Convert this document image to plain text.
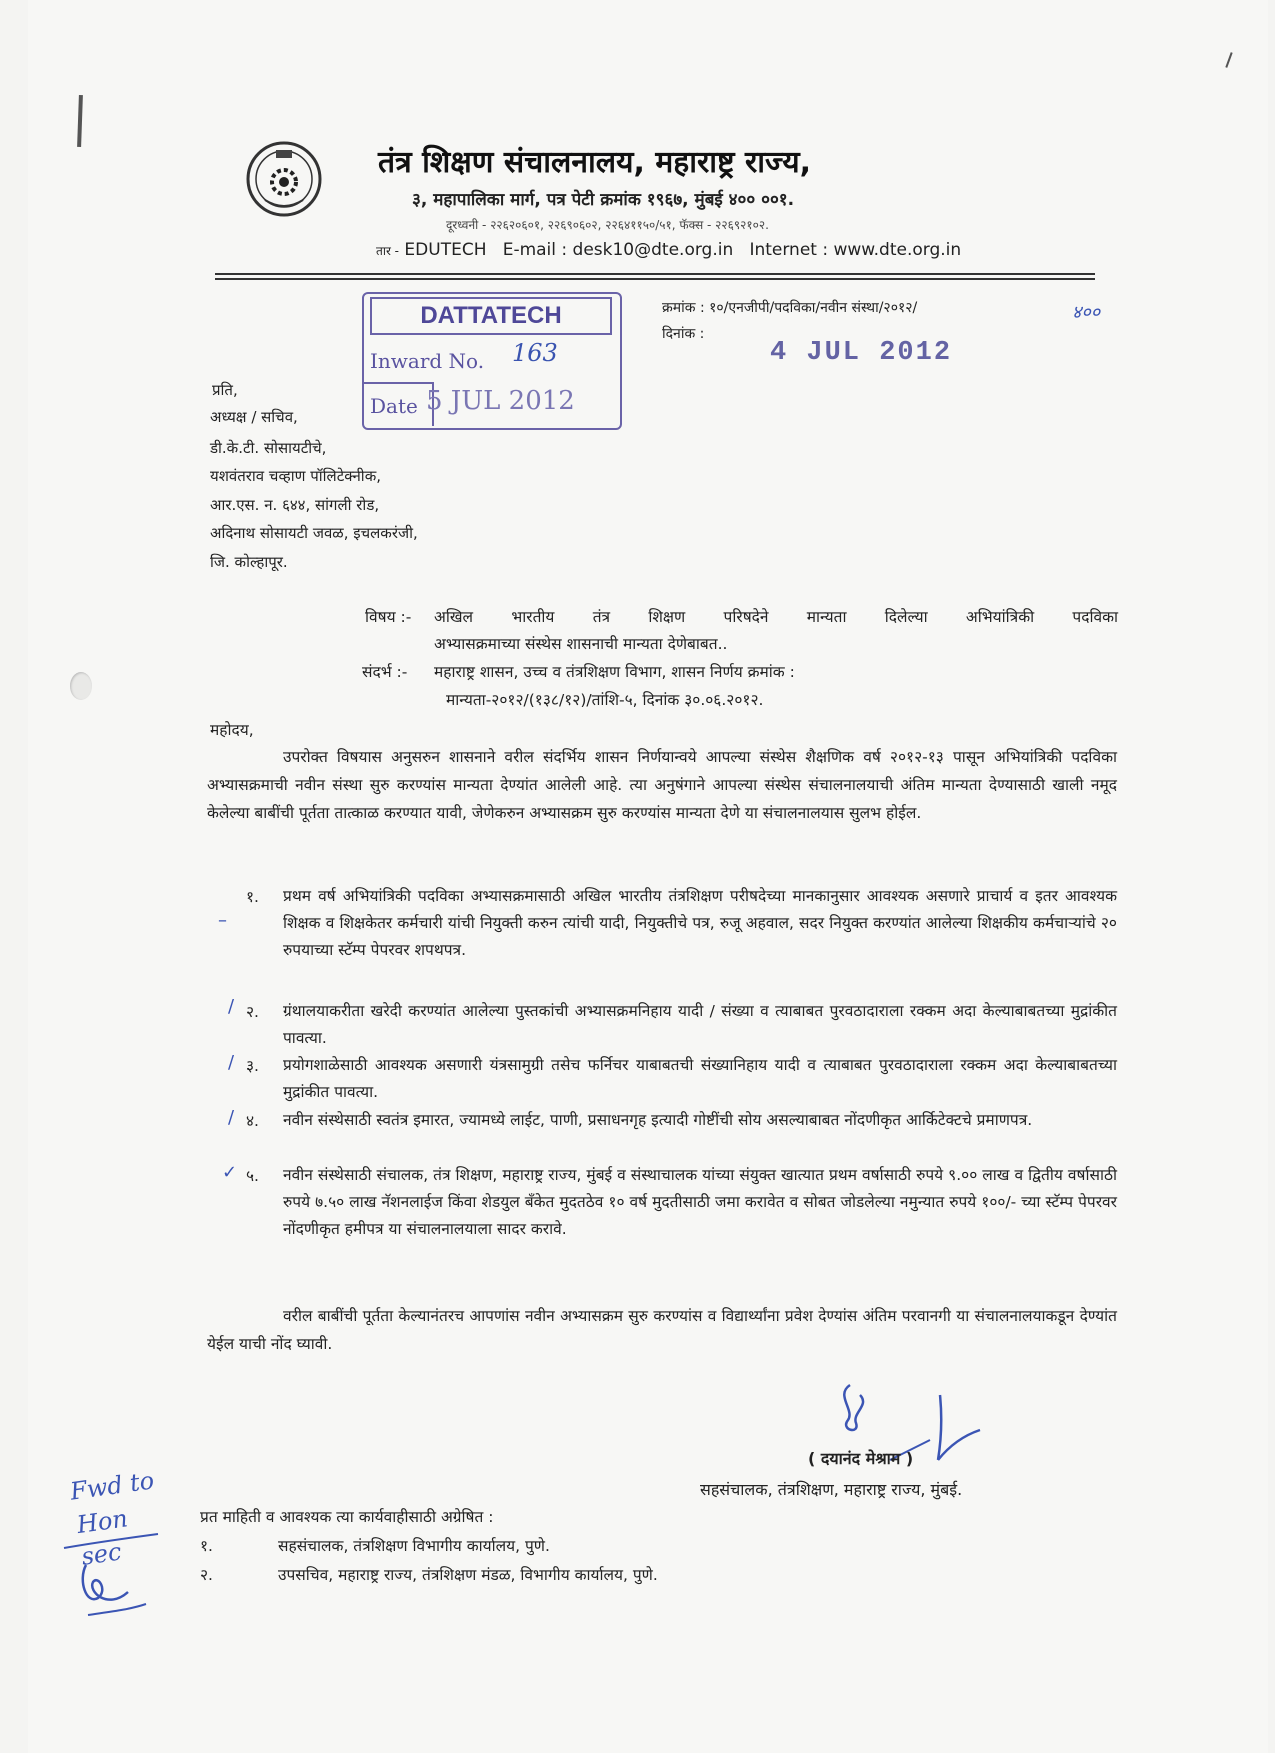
तंत्र शिक्षण संचालनालय, महाराष्ट्र राज्य,
३, महापालिका मार्ग, पत्र पेटी क्रमांक १९६७, मुंबई ४०० ००१.
दूरध्वनी - २२६२०६०१, २२६९०६०२, २२६४११५०/५१, फॅक्स - २२६९२१०२.
तार - EDUTECH E-mail : desk10@dte.org.in Internet : www.dte.org.in
DATTATECH
Inward No. 163
Date 5 JUL 2012
क्रमांक : १०/एनजीपी/पदविका/नवीन संस्था/२०१२/	४००
दिनांक :
4 JUL 2012
प्रति,
अध्यक्ष / सचिव,
डी.के.टी. सोसायटीचे,
यशवंतराव चव्हाण पॉलिटेक्नीक,
आर.एस. न. ६४४, सांगली रोड,
अदिनाथ सोसायटी जवळ, इचलकरंजी,
जि. कोल्हापूर.
विषय :- अखिल भारतीय तंत्र शिक्षण परिषदेने मान्यता दिलेल्या अभियांत्रिकी पदविका
अभ्यासक्रमाच्या संस्थेस शासनाची मान्यता देणेबाबत..
संदर्भ :- महाराष्ट्र शासन, उच्च व तंत्रशिक्षण विभाग, शासन निर्णय क्रमांक :
मान्यता-२०१२/(१३८/१२)/तांशि-५, दिनांक ३०.०६.२०१२.
महोदय,
उपरोक्त विषयास अनुसरुन शासनाने वरील संदर्भिय शासन निर्णयान्वये आपल्या संस्थेस शैक्षणिक वर्ष २०१२-१३ पासून अभियांत्रिकी पदविका अभ्यासक्रमाची नवीन संस्था सुरु करण्यांस मान्यता देण्यांत आलेली आहे. त्या अनुषंगाने आपल्या संस्थेस संचालनालयाची अंतिम मान्यता देण्यासाठी खाली नमूद केलेल्या बाबींची पूर्तता तात्काळ करण्यात यावी, जेणेकरुन अभ्यासक्रम सुरु करण्यांस मान्यता देणे या संचालनालयास सुलभ होईल.
१. प्रथम वर्ष अभियांत्रिकी पदविका अभ्यासक्रमासाठी अखिल भारतीय तंत्रशिक्षण परीषदेच्या मानकानुसार आवश्यक असणारे प्राचार्य व इतर आवश्यक शिक्षक व शिक्षकेतर कर्मचारी यांची नियुक्ती करुन त्यांची यादी, नियुक्तीचे पत्र, रुजू अहवाल, सदर नियुक्त करण्यांत आलेल्या शिक्षकीय कर्मचाऱ्यांचे २० रुपयाच्या स्टॅम्प पेपरवर शपथपत्र.
–
२. ग्रंथालयाकरीता खरेदी करण्यांत आलेल्या पुस्तकांची अभ्यासक्रमनिहाय यादी / संख्या व त्याबाबत पुरवठादाराला रक्कम अदा केल्याबाबतच्या मुद्रांकीत पावत्या.
/
३. प्रयोगशाळेसाठी आवश्यक असणारी यंत्रसामुग्री तसेच फर्निचर याबाबतची संख्यानिहाय यादी व त्याबाबत पुरवठादाराला रक्कम अदा केल्याबाबतच्या मुद्रांकीत पावत्या.
/
४. नवीन संस्थेसाठी स्वतंत्र इमारत, ज्यामध्ये लाईट, पाणी, प्रसाधनगृह इत्यादी गोष्टींची सोय असल्याबाबत नोंदणीकृत आर्किटेक्टचे प्रमाणपत्र.
/
५. नवीन संस्थेसाठी संचालक, तंत्र शिक्षण, महाराष्ट्र राज्य, मुंबई व संस्थाचालक यांच्या संयुक्त खात्यात प्रथम वर्षासाठी रुपये ९.०० लाख व द्वितीय वर्षासाठी रुपये ७.५० लाख नॅशनलाईज किंवा शेडयुल बँकेत मुदतठेव १० वर्ष मुदतीसाठी जमा करावेत व सोबत जोडलेल्या नमुन्यात रुपये १००/- च्या स्टॅम्प पेपरवर नोंदणीकृत हमीपत्र या संचालनालयाला सादर करावे.
✓
वरील बाबींची पूर्तता केल्यानंतरच आपणांस नवीन अभ्यासक्रम सुरु करण्यांस व विद्यार्थ्यांना प्रवेश देण्यांस अंतिम परवानगी या संचालनालयाकडून देण्यांत येईल याची नोंद घ्यावी.
( दयानंद मेश्राम )
सहसंचालक, तंत्रशिक्षण, महाराष्ट्र राज्य, मुंबई.
प्रत माहिती व आवश्यक त्या कार्यवाहीसाठी अग्रेषित :
१.	सहसंचालक, तंत्रशिक्षण विभागीय कार्यालय, पुणे.
२.	उपसचिव, महाराष्ट्र राज्य, तंत्रशिक्षण मंडळ, विभागीय कार्यालय, पुणे.
Fwd to
Hon sec
